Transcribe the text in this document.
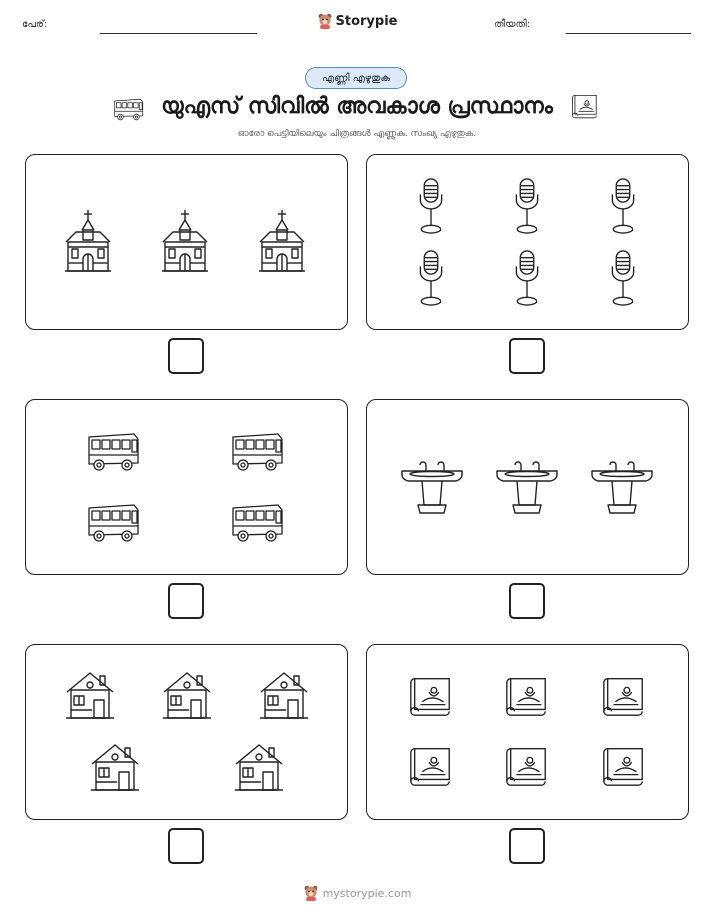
പേര്:	Storypie	തീയതി:
എണ്ണി എഴുതുക
യുഎസ് സിവിൽ അവകാശ പ്രസ്ഥാനം
ഓരോ പെട്ടിയിലെയും ചിത്രങ്ങൾ എണ്ണുക. സംഖ്യ എഴുതുക.
mystorypie.com
